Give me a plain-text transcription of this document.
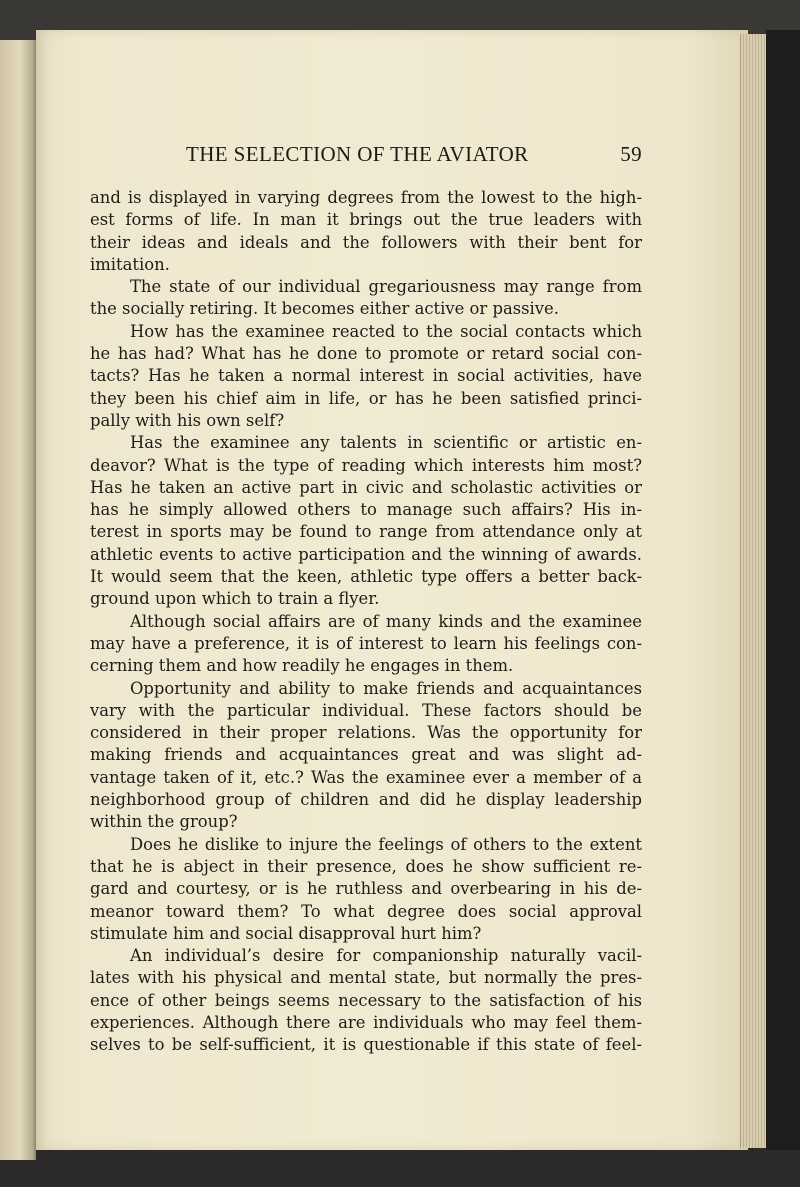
THE SELECTION OF THE AVIATOR	59

and is displayed in varying degrees from the lowest to the high-
est forms of life. In man it brings out the true leaders with
their ideas and ideals and the followers with their bent for
imitation.

The state of our individual gregariousness may range from
the socially retiring. It becomes either active or passive.

How has the examinee reacted to the social contacts which
he has had? What has he done to promote or retard social con-
tacts? Has he taken a normal interest in social activities, have
they been his chief aim in life, or has he been satisfied princi-
pally with his own self?

Has the examinee any talents in scientific or artistic en-
deavor? What is the type of reading which interests him most?
Has he taken an active part in civic and scholastic activities or
has he simply allowed others to manage such affairs? His in-
terest in sports may be found to range from attendance only at
athletic events to active participation and the winning of awards.
It would seem that the keen, athletic type offers a better back-
ground upon which to train a flyer.

Although social affairs are of many kinds and the examinee
may have a preference, it is of interest to learn his feelings con-
cerning them and how readily he engages in them.

Opportunity and ability to make friends and acquaintances
vary with the particular individual. These factors should be
considered in their proper relations. Was the opportunity for
making friends and acquaintances great and was slight ad-
vantage taken of it, etc.? Was the examinee ever a member of a
neighborhood group of children and did he display leadership
within the group?

Does he dislike to injure the feelings of others to the extent
that he is abject in their presence, does he show sufficient re-
gard and courtesy, or is he ruthless and overbearing in his de-
meanor toward them? To what degree does social approval
stimulate him and social disapproval hurt him?

An individual’s desire for companionship naturally vacil-
lates with his physical and mental state, but normally the pres-
ence of other beings seems necessary to the satisfaction of his
experiences. Although there are individuals who may feel them-
selves to be self-sufficient, it is questionable if this state of feel-
